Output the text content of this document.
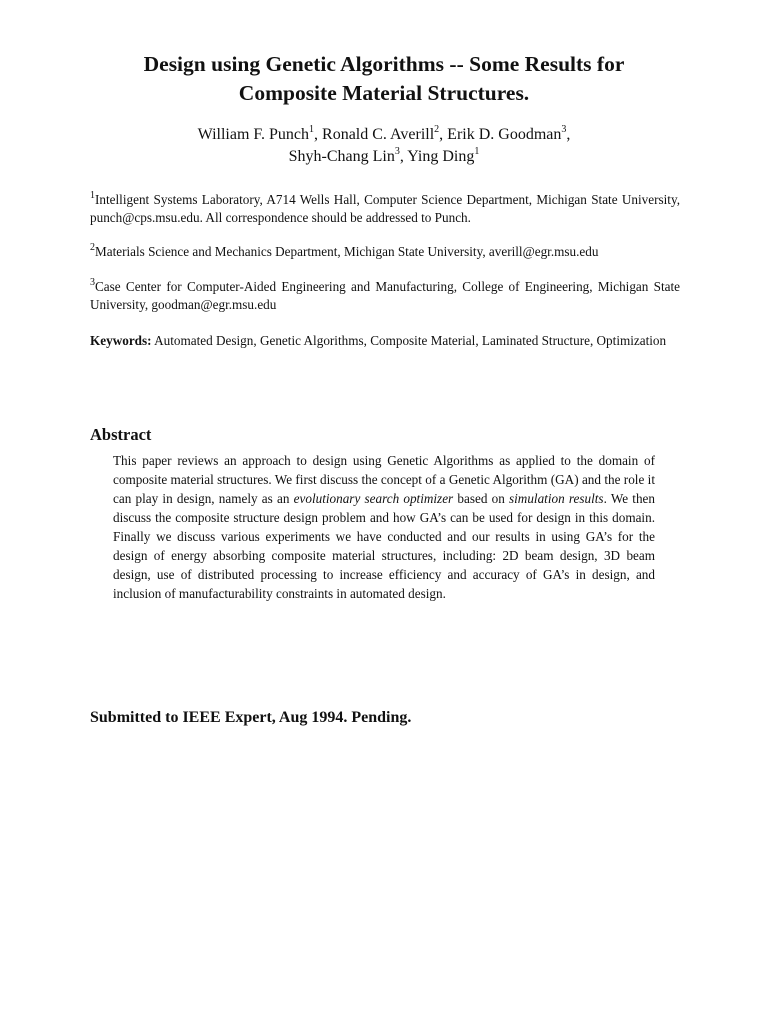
Design using Genetic Algorithms -- Some Results for
Composite Material Structures.
William F. Punch$^1$, Ronald C. Averill$^2$, Erik D. Goodman$^3$,
Shyh-Chang Lin$^3$, Ying Ding$^1$

$^1$Intelligent Systems Laboratory, A714 Wells Hall, Computer Science Department, Michigan State University, punch@cps.msu.edu. All correspondence should be addressed to Punch.

$^2$Materials Science and Mechanics Department, Michigan State University, averill@egr.msu.edu

$^3$Case Center for Computer-Aided Engineering and Manufacturing, College of Engineering, Michigan State University, goodman@egr.msu.edu

Keywords: Automated Design, Genetic Algorithms, Composite Material, Laminated Structure, Optimization
Abstract

This paper reviews an approach to design using Genetic Algorithms as applied to the domain of composite material structures. We first discuss the concept of a Genetic Algorithm (GA) and the role it can play in design, namely as an evolutionary search optimizer based on simulation results. We then discuss the composite structure design problem and how GA’s can be used for design in this domain. Finally we discuss various experiments we have conducted and our results in using GA’s for the design of energy absorbing composite material structures, including: 2D beam design, 3D beam design, use of distributed processing to increase efficiency and accuracy of GA’s in design, and inclusion of manufacturability constraints in automated design.

Submitted to IEEE Expert, Aug 1994. Pending.
